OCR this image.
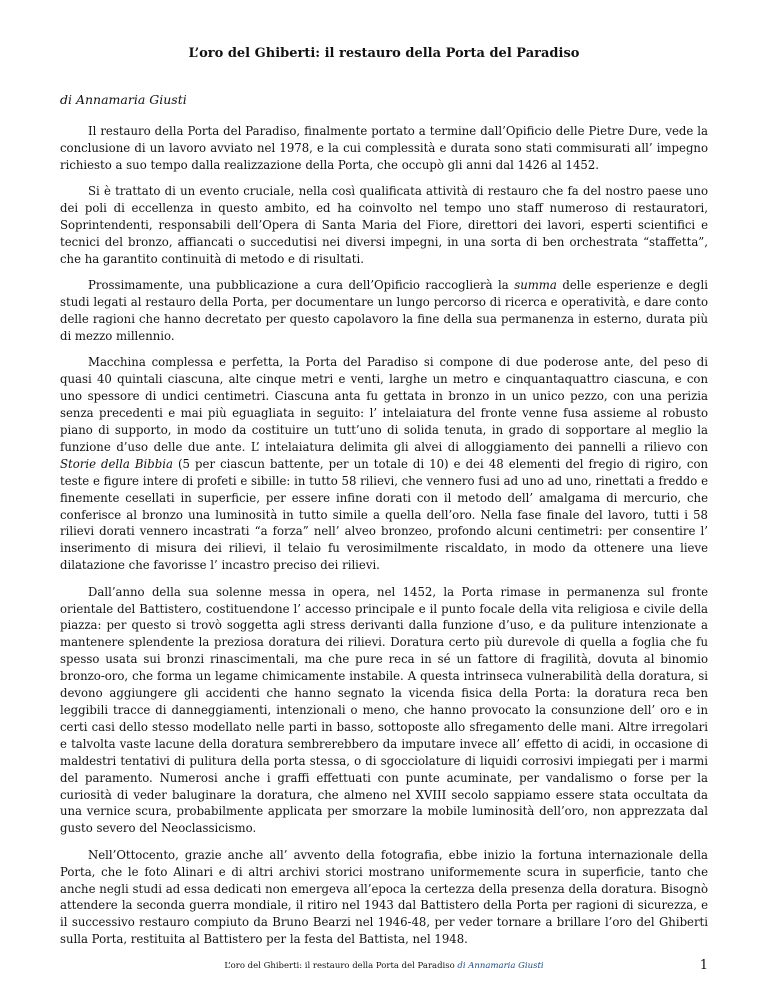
L’oro del Ghiberti: il restauro della Porta del Paradiso
di Annamaria Giusti

Il restauro della Porta del Paradiso, finalmente portato a termine dall’Opificio delle Pietre Dure, vede la conclusione di un lavoro avviato nel 1978, e la cui complessità e durata sono stati commisurati all’ impegno richiesto a suo tempo dalla realizzazione della Porta, che occupò gli anni dal 1426 al 1452.

Si è trattato di un evento cruciale, nella così qualificata attività di restauro che fa del nostro paese uno dei poli di eccellenza in questo ambito, ed ha coinvolto nel tempo uno staff numeroso di restauratori, Soprintendenti, responsabili dell’Opera di Santa Maria del Fiore, direttori dei lavori, esperti scientifici e tecnici del bronzo, affiancati o succedutisi nei diversi impegni, in una sorta di ben orchestrata “staffetta”, che ha garantito continuità di metodo e di risultati.

Prossimamente, una pubblicazione a cura dell’Opificio raccoglierà la summa delle esperienze e degli studi legati al restauro della Porta, per documentare un lungo percorso di ricerca e operatività, e dare conto delle ragioni che hanno decretato per questo capolavoro la fine della sua permanenza in esterno, durata più di mezzo millennio.

Macchina complessa e perfetta, la Porta del Paradiso si compone di due poderose ante, del peso di quasi 40 quintali ciascuna, alte cinque metri e venti, larghe un metro e cinquantaquattro ciascuna, e con uno spessore di undici centimetri. Ciascuna anta fu gettata in bronzo in un unico pezzo, con una perizia senza precedenti e mai più eguagliata in seguito: l’ intelaiatura del fronte venne fusa assieme al robusto piano di supporto, in modo da costituire un tutt’uno di solida tenuta, in grado di sopportare al meglio la funzione d’uso delle due ante. L’ intelaiatura delimita gli alvei di alloggiamento dei pannelli a rilievo con Storie della Bibbia (5 per ciascun battente, per un totale di 10) e dei 48 elementi del fregio di rigiro, con teste e figure intere di profeti e sibille: in tutto 58 rilievi, che vennero fusi ad uno ad uno, rinettati a freddo e finemente cesellati in superficie, per essere infine dorati con il metodo dell’ amalgama di mercurio, che conferisce al bronzo una luminosità in tutto simile a quella dell’oro. Nella fase finale del lavoro, tutti i 58 rilievi dorati vennero incastrati “a forza” nell’ alveo bronzeo, profondo alcuni centimetri: per consentire l’ inserimento di misura dei rilievi, il telaio fu verosimilmente riscaldato, in modo da ottenere una lieve dilatazione che favorisse l’ incastro preciso dei rilievi.

Dall’anno della sua solenne messa in opera, nel 1452, la Porta rimase in permanenza sul fronte orientale del Battistero, costituendone l’ accesso principale e il punto focale della vita religiosa e civile della piazza: per questo si trovò soggetta agli stress derivanti dalla funzione d’uso, e da puliture intenzionate a mantenere splendente la preziosa doratura dei rilievi. Doratura certo più durevole di quella a foglia che fu spesso usata sui bronzi rinascimentali, ma che pure reca in sé un fattore di fragilità, dovuta al binomio bronzo-oro, che forma un legame chimicamente instabile. A questa intrinseca vulnerabilità della doratura, si devono aggiungere gli accidenti che hanno segnato la vicenda fisica della Porta: la doratura reca ben leggibili tracce di danneggiamenti, intenzionali o meno, che hanno provocato la consunzione dell’ oro e in certi casi dello stesso modellato nelle parti in basso, sottoposte allo sfregamento delle mani. Altre irregolari e talvolta vaste lacune della doratura sembrerebbero da imputare invece all’ effetto di acidi, in occasione di maldestri tentativi di pulitura della porta stessa, o di sgocciolature di liquidi corrosivi impiegati per i marmi del paramento. Numerosi anche i graffi effettuati con punte acuminate, per vandalismo o forse per la curiosità di veder baluginare la doratura, che almeno nel XVIII secolo sappiamo essere stata occultata da una vernice scura, probabilmente applicata per smorzare la mobile luminosità dell’oro, non apprezzata dal gusto severo del Neoclassicismo.

Nell’Ottocento, grazie anche all’ avvento della fotografia, ebbe inizio la fortuna internazionale della Porta, che le foto Alinari e di altri archivi storici mostrano uniformemente scura in superficie, tanto che anche negli studi ad essa dedicati non emergeva all’epoca la certezza della presenza della doratura. Bisognò attendere la seconda guerra mondiale, il ritiro nel 1943 dal Battistero della Porta per ragioni di sicurezza, e il successivo restauro compiuto da Bruno Bearzi nel 1946-48, per veder tornare a brillare l’oro del Ghiberti sulla Porta, restituita al Battistero per la festa del Battista, nel 1948.

L’oro del Ghiberti: il restauro della Porta del Paradiso di Annamaria Giusti	1
